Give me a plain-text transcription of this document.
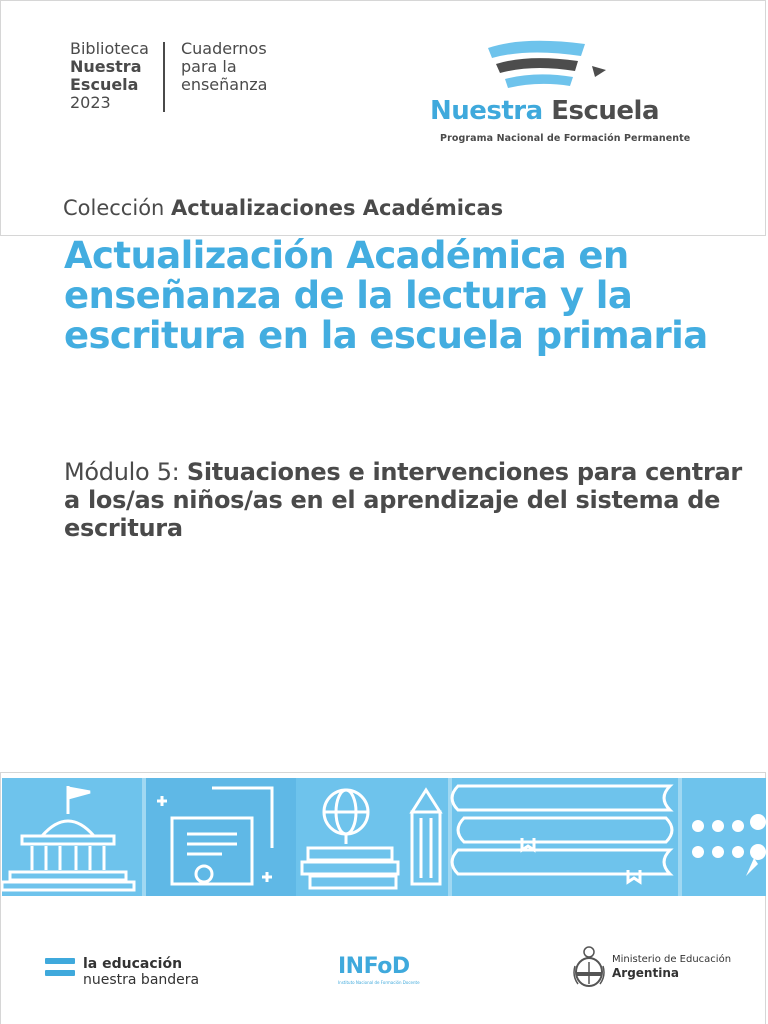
Biblioteca
Nuestra
Escuela
2023
Cuadernos
para la
enseñanza
Nuestra Escuela
Programa Nacional de Formación Permanente
Colección Actualizaciones Académicas
Actualización Académica en enseñanza de la lectura y la escritura en la escuela primaria
Módulo 5: Situaciones e intervenciones para centrar a los/as niños/as en el aprendizaje del sistema de escritura
la educación
nuestra bandera
INFoD
Instituto Nacional de Formación Docente
Ministerio de Educación
Argentina
